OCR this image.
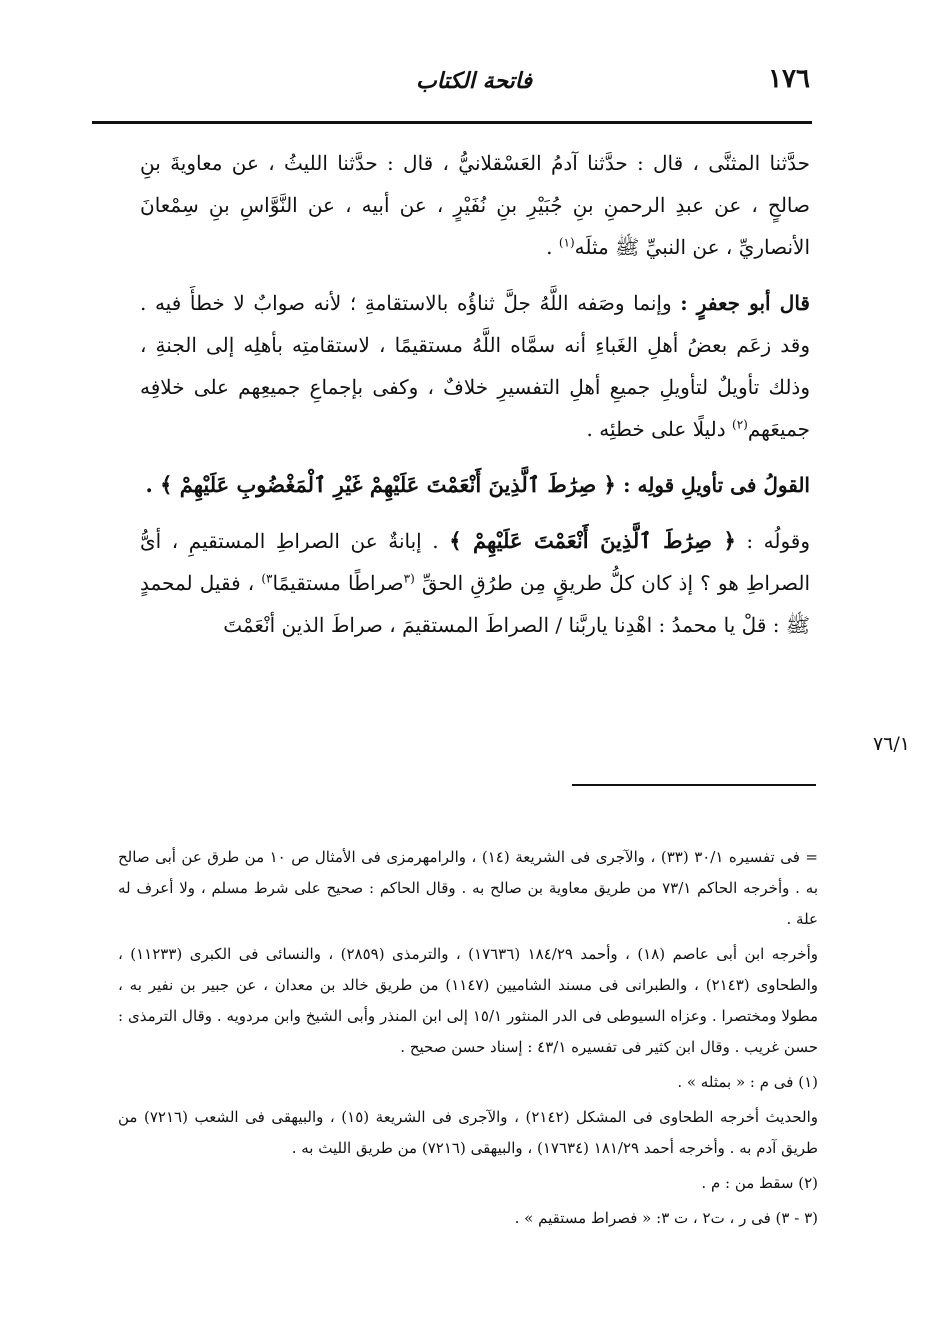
١٧٦
فاتحة الكتاب

حدَّثنا المثنَّى ، قال : حدَّثنا آدمُ العَسْقلانيُّ ، قال : حدَّثنا الليثُ ، عن معاويةَ بنِ صالحٍ ، عن عبدِ الرحمنِ بنِ جُبَيْرِ بنِ نُفَيْرٍ ، عن أبيه ، عن النَّوَّاسِ بنِ سِمْعانَ الأنصاريِّ ، عن النبيِّ ﷺ مثلَه$^{(١)}$ .

قال أبو جعفرٍ : وإنما وصَفه اللَّهُ جلَّ ثناؤُه بالاستقامةِ ؛ لأنه صوابٌ لا خطأَ فيه . وقد زعَم بعضُ أهلِ الغَباءِ أنه سمَّاه اللَّهُ مستقيمًا ، لاستقامتِه بأهلِه إلى الجنةِ ، وذلك تأويلٌ لتأويلِ جميعِ أهلِ التفسيرِ خلافٌ ، وكفى بإجماعِ جميعِهم على خلافِه جميعَهم$^{(٢)}$ دليلًا على خطئِه .

القولُ فى تأويلِ قولِه : ﴿ صِرَٰطَ ٱلَّذِينَ أَنْعَمْتَ عَلَيْهِمْ غَيْرِ ٱلْمَغْضُوبِ عَلَيْهِمْ ﴾ .

وقولُه : ﴿ صِرَٰطَ ٱلَّذِينَ أَنْعَمْتَ عَلَيْهِمْ ﴾ . إبانةٌ عن الصراطِ المستقيمِ ، أىُّ الصراطِ هو ؟ إذ كان كلُّ طريقٍ مِن طرُقِ الحقِّ $^{(٣}$صراطًا مستقيمًا$^{٣)}$ ، فقيل لمحمدٍ ﷺ : قلْ يا محمدُ : اهْدِنا ياربَّنا / الصراطَ المستقيمَ ، صراطَ الذين أنْعَمْتَ

٧٦/١

= فى تفسيره ٣٠/١ (٣٣) ، والآجرى فى الشريعة (١٤) ، والرامهرمزى فى الأمثال ص ١٠ من طرق عن أبى صالح به . وأخرجه الحاكم ٧٣/١ من طريق معاوية بن صالح به . وقال الحاكم : صحيح على شرط مسلم ، ولا أعرف له علة .

وأخرجه ابن أبى عاصم (١٨) ، وأحمد ١٨٤/٢٩ (١٧٦٣٦) ، والترمذى (٢٨٥٩) ، والنسائى فى الكبرى (١١٢٣٣) ، والطحاوى (٢١٤٣) ، والطبرانى فى مسند الشاميين (١١٤٧) من طريق خالد بن معدان ، عن جبير بن نفير به ، مطولا ومختصرا . وعزاه السيوطى فى الدر المنثور ١٥/١ إلى ابن المنذر وأبى الشيخ وابن مردويه . وقال الترمذى : حسن غريب . وقال ابن كثير فى تفسيره ٤٣/١ : إسناد حسن صحيح .

(١) فى م : « بمثله » .

والحديث أخرجه الطحاوى فى المشكل (٢١٤٢) ، والآجرى فى الشريعة (١٥) ، والبيهقى فى الشعب (٧٢١٦) من طريق آدم به . وأخرجه أحمد ١٨١/٢٩ (١٧٦٣٤) ، والبيهقى (٧٢١٦) من طريق الليث به .

(٢) سقط من : م .

(٣ - ٣) فى ر ، ت٢ ، ت ٣: « فصراط مستقيم » .
